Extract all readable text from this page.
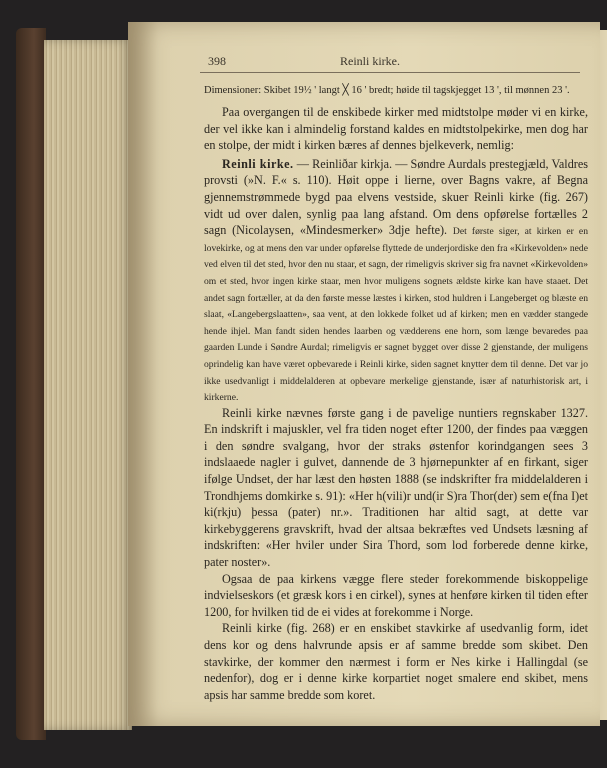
398	Reinli kirke.

Dimensioner: Skibet 19½ ' langt ╳ 16 ' bredt; høide til tagskjegget 13 ', til mønnen 23 '.

Paa overgangen til de enskibede kirker med midtstolpe møder vi en kirke, der vel ikke kan i almindelig forstand kaldes en midtstolpekirke, men dog har en stolpe, der midt i kirken bæres af dennes bjelkeverk, nemlig:

Reinli kirke. — Reinliðar kirkja. — Søndre Aurdals prestegjæld, Valdres provsti (»N. F.« s. 110). Høit oppe i lierne, over Bagns vakre, af Begna gjennemstrømmede bygd paa elvens vestside, skuer Reinli kirke (fig. 267) vidt ud over dalen, synlig paa lang afstand. Om dens opførelse fortælles 2 sagn (Nicolaysen, «Mindesmerker» 3dje hefte). Det første siger, at kirken er en lovekirke, og at mens den var under opførelse flyttede de underjordiske den fra «Kirkevolden» nede ved elven til det sted, hvor den nu staar, et sagn, der rimeligvis skriver sig fra navnet «Kirkevolden» om et sted, hvor ingen kirke staar, men hvor muligens sognets ældste kirke kan have staaet. Det andet sagn fortæller, at da den første messe læstes i kirken, stod huldren i Langeberget og blæste en slaat, «Langebergslaatten», saa vent, at den lokkede folket ud af kirken; men en vædder stangede hende ihjel. Man fandt siden hendes laarben og vædderens ene horn, som længe bevaredes paa gaarden Lunde i Søndre Aurdal; rimeligvis er sagnet bygget over disse 2 gjenstande, der muligens oprindelig kan have været opbevarede i Reinli kirke, siden sagnet knytter dem til denne. Det var jo ikke usedvanligt i middelalderen at opbevare merkelige gjenstande, især af naturhistorisk art, i kirkerne.

Reinli kirke nævnes første gang i de pavelige nuntiers regnskaber 1327. En indskrift i majuskler, vel fra tiden noget efter 1200, der findes paa væggen i den søndre svalgang, hvor der straks østenfor korindgangen sees 3 indslaaede nagler i gulvet, dannende de 3 hjørnepunkter af en firkant, siger ifølge Undset, der har læst den høsten 1888 (se indskrifter fra middelalderen i Trondhjems domkirke s. 91): «Her h(vili)r und(ir S)ra Thor(der) sem e(fna I)et ki(rkju) þessa (pater) nr.». Traditionen har altid sagt, at dette var kirkebyggerens gravskrift, hvad der altsaa bekræftes ved Undsets læsning af indskriften: «Her hviler under Sira Thord, som lod forberede denne kirke, pater noster».

Ogsaa de paa kirkens vægge flere steder forekommende biskoppelige indvielseskors (et græsk kors i en cirkel), synes at henføre kirken til tiden efter 1200, for hvilken tid de ei vides at forekomme i Norge.

Reinli kirke (fig. 268) er en enskibet stavkirke af usedvanlig form, idet dens kor og dens halvrunde apsis er af samme bredde som skibet. Den stavkirke, der kommer den nærmest i form er Nes kirke i Hallingdal (se nedenfor), dog er i denne kirke korpartiet noget smalere end skibet, mens apsis har samme bredde som koret.
